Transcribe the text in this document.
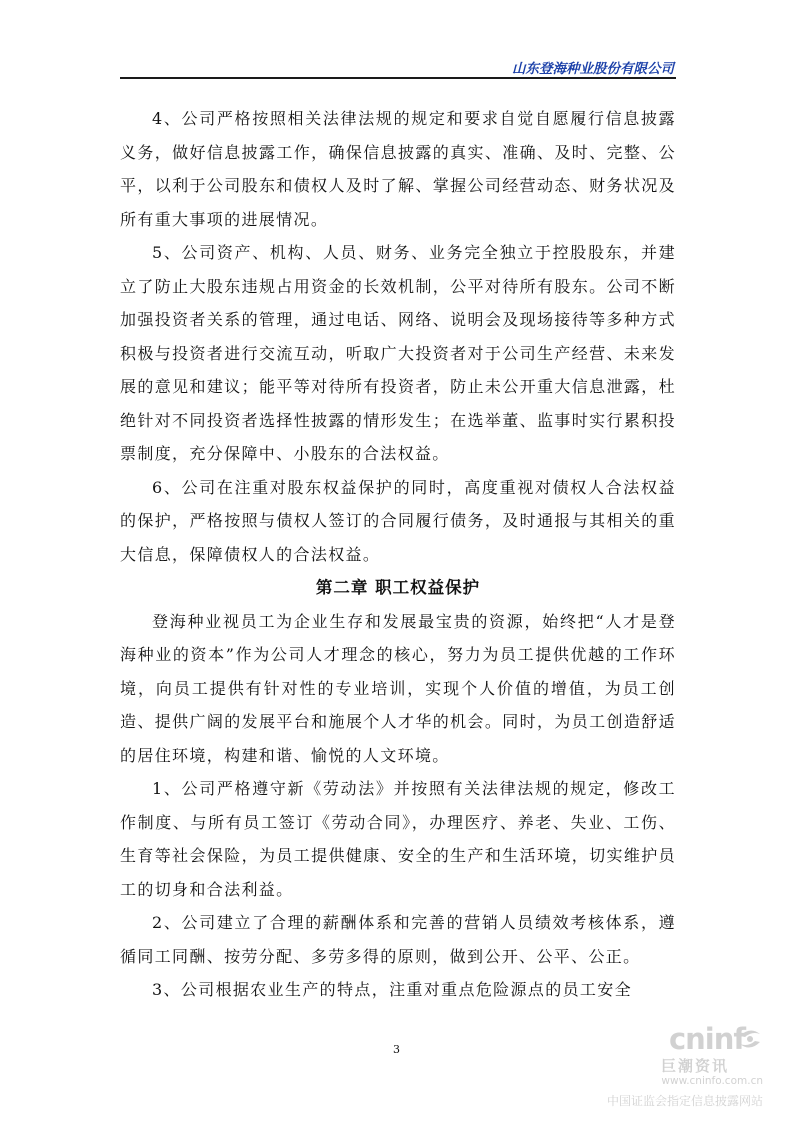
山东登海种业股份有限公司

4、公司严格按照相关法律法规的规定和要求自觉自愿履行信息披露义务，做好信息披露工作，确保信息披露的真实、准确、及时、完整、公平，以利于公司股东和债权人及时了解、掌握公司经营动态、财务状况及所有重大事项的进展情况。

5、公司资产、机构、人员、财务、业务完全独立于控股股东，并建立了防止大股东违规占用资金的长效机制，公平对待所有股东。公司不断加强投资者关系的管理，通过电话、网络、说明会及现场接待等多种方式积极与投资者进行交流互动，听取广大投资者对于公司生产经营、未来发展的意见和建议；能平等对待所有投资者，防止未公开重大信息泄露，杜绝针对不同投资者选择性披露的情形发生；在选举董、监事时实行累积投票制度，充分保障中、小股东的合法权益。

6、公司在注重对股东权益保护的同时，高度重视对债权人合法权益的保护，严格按照与债权人签订的合同履行债务，及时通报与其相关的重大信息，保障债权人的合法权益。

第二章 职工权益保护

登海种业视员工为企业生存和发展最宝贵的资源，始终把“人才是登海种业的资本”作为公司人才理念的核心，努力为员工提供优越的工作环境，向员工提供有针对性的专业培训，实现个人价值的增值，为员工创造、提供广阔的发展平台和施展个人才华的机会。同时，为员工创造舒适的居住环境，构建和谐、愉悦的人文环境。

1、公司严格遵守新《劳动法》并按照有关法律法规的规定，修改工作制度、与所有员工签订《劳动合同》，办理医疗、养老、失业、工伤、生育等社会保险，为员工提供健康、安全的生产和生活环境，切实维护员工的切身和合法利益。

2、公司建立了合理的薪酬体系和完善的营销人员绩效考核体系，遵循同工同酬、按劳分配、多劳多得的原则，做到公开、公平、公正。

3、公司根据农业生产的特点，注重对重点危险源点的员工安全

3	cninf
巨潮资讯
www.cninfo.com.cn
中国证监会指定信息披露网站
